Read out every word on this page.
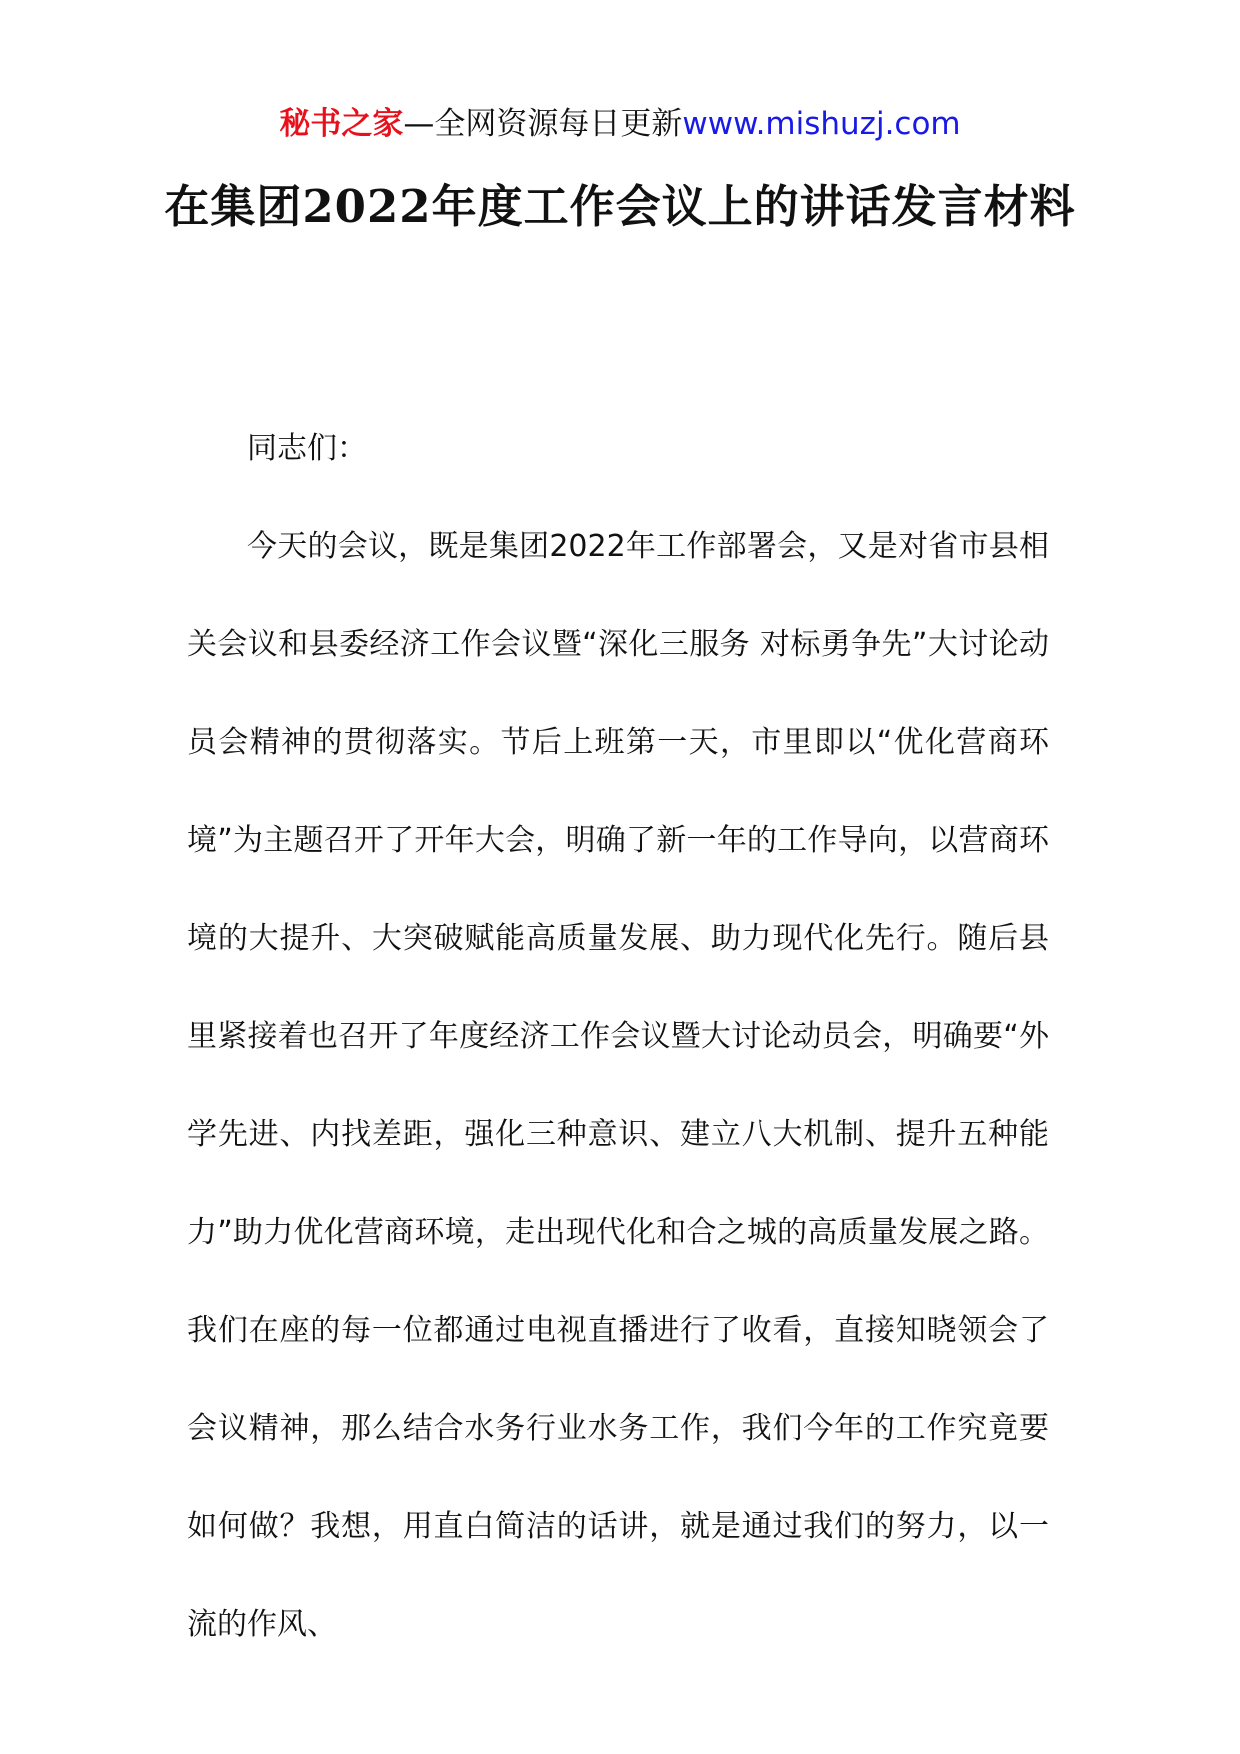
秘书之家—全网资源每日更新www.mishuzj.com
在集团2022年度工作会议上的讲话发言材料

同志们：

今天的会议，既是集团2022年工作部署会，又是对省市县相关会议和县委经济工作会议暨“深化三服务 对标勇争先”大讨论动员会精神的贯彻落实。节后上班第一天，市里即以“优化营商环境”为主题召开了开年大会，明确了新一年的工作导向，以营商环境的大提升、大突破赋能高质量发展、助力现代化先行。随后县里紧接着也召开了年度经济工作会议暨大讨论动员会，明确要“外学先进、内找差距，强化三种意识、建立八大机制、提升五种能力”助力优化营商环境，走出现代化和合之城的高质量发展之路。我们在座的每一位都通过电视直播进行了收看，直接知晓领会了会议精神，那么结合水务行业水务工作，我们今年的工作究竟要如何做？我想，用直白简洁的话讲，就是通过我们的努力，以一流的作风、
